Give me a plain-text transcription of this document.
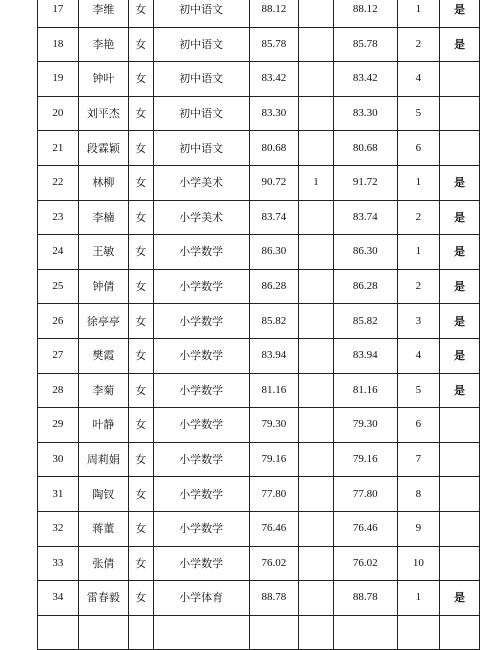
17	李维	女	初中语文	88.12		88.12	1	是
18	李艳	女	初中语文	85.78		85.78	2	是
19	钟叶	女	初中语文	83.42		83.42	4	
20	刘平杰	女	初中语文	83.30		83.30	5	
21	段霖颖	女	初中语文	80.68		80.68	6	
22	林柳	女	小学美术	90.72	1	91.72	1	是
23	李楠	女	小学美术	83.74		83.74	2	是
24	王敏	女	小学数学	86.30		86.30	1	是
25	钟倩	女	小学数学	86.28		86.28	2	是
26	徐亭亭	女	小学数学	85.82		85.82	3	是
27	樊霞	女	小学数学	83.94		83.94	4	是
28	李菊	女	小学数学	81.16		81.16	5	是
29	叶静	女	小学数学	79.30		79.30	6	
30	周莉娟	女	小学数学	79.16		79.16	7	
31	陶钗	女	小学数学	77.80		77.80	8	
32	蒋董	女	小学数学	76.46		76.46	9	
33	张倩	女	小学数学	76.02		76.02	10	
34	雷春毅	女	小学体育	88.78		88.78	1	是
